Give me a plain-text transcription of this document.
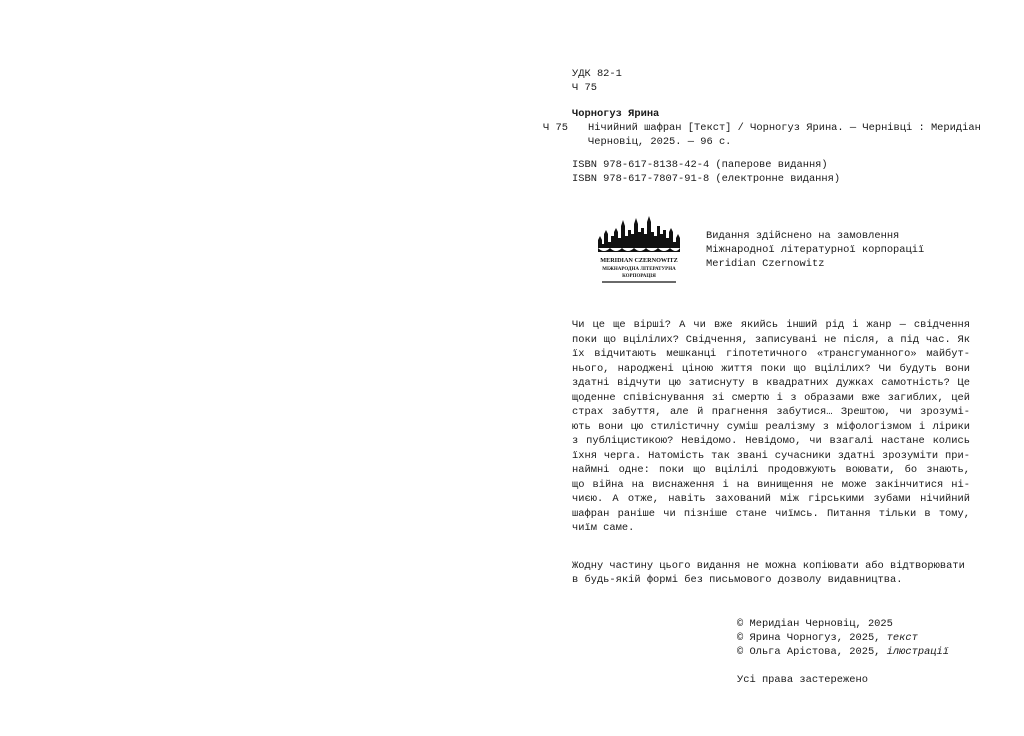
УДК 82-1
Ч 75
Чорногуз Ярина
Ч 75 Нічийний шафран [Текст] / Чорногуз Ярина. — Чернівці : Меридіан
Черновіц, 2025. — 96 с.
ISBN 978-617-8138-42-4 (паперове видання)
ISBN 978-617-7807-91-8 (електронне видання)
MERIDIAN CZERNOWITZ
МІЖНАРОДНА ЛІТЕРАТУРНА
КОРПОРАЦІЯ
Видання здійснено на замовлення
Міжнародної літературної корпорації
Meridian Czernowitz
Чи це ще вірші? А чи вже якийсь інший рід і жанр — свідчення
поки що вцілілих? Свідчення, записувані не після, а під час. Як
їх відчитають мешканці гіпотетичного «трансгуманного» майбут-
нього, народжені ціною життя поки що вцілілих? Чи будуть вони
здатні відчути цю затиснуту в квадратних дужках самотність? Це
щоденне співіснування зі смертю і з образами вже загиблих, цей
страх забуття, але й прагнення забутися… Зрештою, чи зрозумі-
ють вони цю стилістичну суміш реалізму з міфологізмом і лірики
з публіцистикою? Невідомо. Невідомо, чи взагалі настане колись
їхня черга. Натомість так звані сучасники здатні зрозуміти при-
наймні одне: поки що вцілілі продовжують воювати, бо знають,
що війна на виснаження і на винищення не може закінчитися ні-
чиєю. А отже, навіть захований між гірськими зубами нічийний
шафран раніше чи пізніше стане чиїмсь. Питання тільки в тому,
чиїм саме.
Жодну частину цього видання не можна копіювати або відтворювати
в будь-якій формі без письмового дозволу видавництва.
© Меридіан Черновіц, 2025
© Ярина Чорногуз, 2025, текст
© Ольга Арістова, 2025, ілюстрації
Усі права застережено
